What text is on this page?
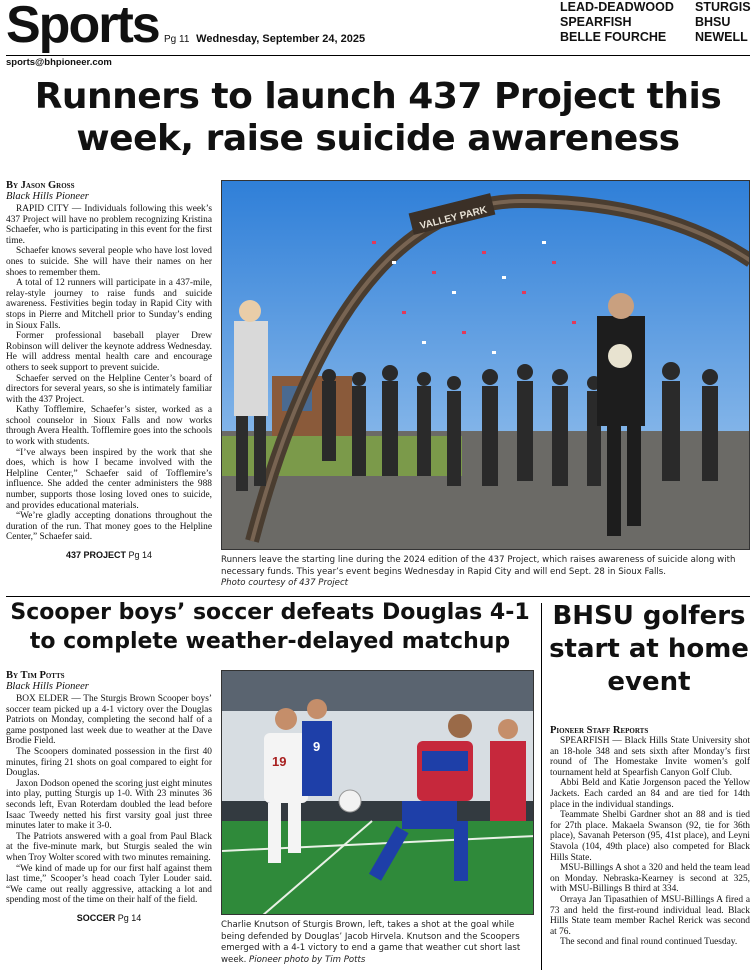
Sports Pg 11 Wednesday, September 24, 2025
LEAD-DEADWOOD
SPEARFISH
BELLE FOURCHE
STURGIS
BHSU
NEWELL
sports@bhpioneer.com
Runners to launch 437 Project this week, raise suicide awareness
By Jason Gross
Black Hills Pioneer

RAPID CITY — Individuals following this week’s 437 Project will have no problem recognizing Kristina Schaefer, who is participating in this event for the first time.

Schaefer knows several people who have lost loved ones to suicide. She will have their names on her shoes to remember them.

A total of 12 runners will participate in a 437-mile, relay-style journey to raise funds and suicide awareness. Festivities begin today in Rapid City with stops in Pierre and Mitchell prior to Sunday’s ending in Sioux Falls.

Former professional baseball player Drew Robinson will deliver the keynote address Wednesday. He will address mental health care and encourage others to seek support to prevent suicide.

Schaefer served on the Helpline Center’s board of directors for several years, so she is intimately familiar with the 437 Project.

Kathy Tofflemire, Schaefer’s sister, worked as a school counselor in Sioux Falls and now works through Avera Health. Tofflemire goes into the schools to work with students.

“I’ve always been inspired by the work that she does, which is how I became involved with the Helpline Center,” Schaefer said of Tofflemire’s influence. She added the center administers the 988 number, supports those losing loved ones to suicide, and provides educational materials.

“We’re gladly accepting donations throughout the duration of the run. That money goes to the Helpline Center,” Schaefer said.

437 PROJECT Pg 14
VALLEY PARK
Runners leave the starting line during the 2024 edition of the 437 Project, which raises awareness of suicide along with necessary funds. This year’s event begins Wednesday in Rapid City and will end Sept. 28 in Sioux Falls.
Photo courtesy of 437 Project
Scooper boys’ soccer defeats Douglas 4-1 to complete weather-delayed matchup
By Tim Potts
Black Hills Pioneer

BOX ELDER — The Sturgis Brown Scooper boys’ soccer team picked up a 4-1 victory over the Douglas Patriots on Monday, completing the second half of a game postponed last week due to weather at the Dave Brodie Field.

The Scoopers dominated possession in the first 40 minutes, firing 21 shots on goal compared to eight for Douglas.

Jaxon Dodson opened the scoring just eight minutes into play, putting Sturgis up 1-0. With 23 minutes 36 seconds left, Evan Roterdam doubled the lead before Isaac Tweedy netted his first varsity goal just three minutes later to make it 3-0.

The Patriots answered with a goal from Paul Black at the five-minute mark, but Sturgis sealed the win when Troy Wolter scored with two minutes remaining.

“We kind of made up for our first half against them last time,” Scooper’s head coach Tyler Louder said. “We came out really aggressive, attacking a lot and spending most of the time on their half of the field.

SOCCER Pg 14
19
9
Charlie Knutson of Sturgis Brown, left, takes a shot at the goal while being defended by Douglas’ Jacob Hirvela. Knutson and the Scoopers emerged with a 4-1 victory to end a game that weather cut short last week. Pioneer photo by Tim Potts
BHSU golfers start at home event
Pioneer Staff Reports

SPEARFISH — Black Hills State University shot an 18-hole 348 and sets sixth after Monday’s first round of The Homestake Invite women’s golf tournament held at Spearfish Canyon Golf Club.

Abbi Beld and Katie Jorgenson paced the Yellow Jackets. Each carded an 84 and are tied for 14th place in the individual standings.

Teammate Shelbi Gardner shot an 88 and is tied for 27th place. Makaela Swanson (92, tie for 36th place), Savanah Peterson (95, 41st place), and Leyni Stavola (104, 49th place) also competed for Black Hills State.

MSU-Billings A shot a 320 and held the team lead on Monday. Nebraska-Kearney is second at 325, with MSU-Billings B third at 334.

Orraya Jan Tipasathien of MSU-Billings A fired a 73 and held the first-round individual lead. Black Hills State team member Rachel Rerick was second at 76.

The second and final round continued Tuesday.
